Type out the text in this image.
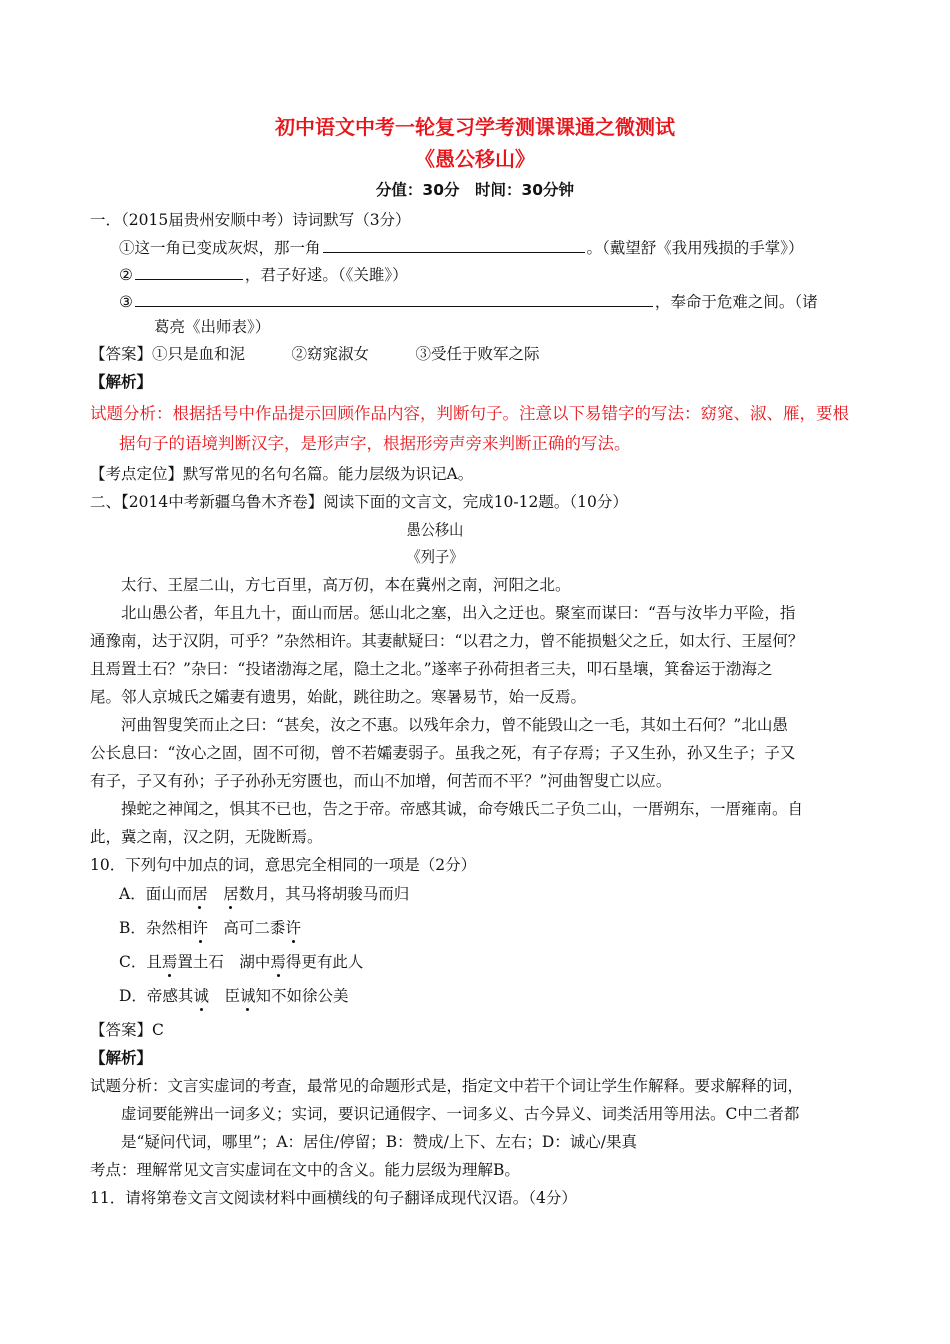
初中语文中考一轮复习学考测课课通之微测试
《愚公移山》
分值：30分　时间：30分钟
一．（2015届贵州安顺中考）诗词默写（3分）
①这一角已变成灰烬，那一角	。（戴望舒《我用残损的手掌》）
②	，君子好逑。（《关雎》）
③	，奉命于危难之间。（诸
葛亮《出师表》）
【答案】①只是血和泥　　　②窈窕淑女　　　③受任于败军之际
【解析】
试题分析：根据括号中作品提示回顾作品内容，判断句子。注意以下易错字的写法：窈窕、淑、雁，要根
据句子的语境判断汉字，是形声字，根据形旁声旁来判断正确的写法。
【考点定位】默写常见的名句名篇。能力层级为识记A。
二、【2014中考新疆乌鲁木齐卷】阅读下面的文言文，完成10-12题。（10分）
愚公移山
《列子》
　　太行、王屋二山，方七百里，高万仞，本在冀州之南，河阳之北。
　　北山愚公者，年且九十，面山而居。惩山北之塞，出入之迂也。聚室而谋曰：“吾与汝毕力平险，指
通豫南，达于汉阴，可乎？”杂然相许。其妻献疑曰：“以君之力，曾不能损魁父之丘，如太行、王屋何？
且焉置土石？”杂曰：“投诸渤海之尾，隐土之北。”遂率子孙荷担者三夫，叩石垦壤，箕畚运于渤海之
尾。邻人京城氏之孀妻有遗男，始龀，跳往助之。寒暑易节，始一反焉。
　　河曲智叟笑而止之曰：“甚矣，汝之不惠。以残年余力，曾不能毁山之一毛，其如土石何？”北山愚
公长息曰：“汝心之固，固不可彻，曾不若孀妻弱子。虽我之死，有子存焉；子又生孙，孙又生子；子又
有子，子又有孙；子子孙孙无穷匮也，而山不加增，何苦而不平？”河曲智叟亡以应。
　　操蛇之神闻之，惧其不已也，告之于帝。帝感其诚，命夸娥氏二子负二山，一厝朔东，一厝雍南。自
此，冀之南，汉之阴，无陇断焉。
10．下列句中加点的词，意思完全相同的一项是（2分）
A．面山而居　 居数月，其马将胡骏马而归
B．杂然相许　高可二黍许
C．且焉置土石　湖中焉得更有此人
D．帝感其诚　臣诚知不如徐公美
【答案】C
【解析】
试题分析：文言实虚词的考查，最常见的命题形式是，指定文中若干个词让学生作解释。要求解释的词，
　　虚词要能辨出一词多义；实词，要识记通假字、一词多义、古今异义、词类活用等用法。C中二者都
　　是“疑问代词，哪里”；A：居住/停留；B：赞成/上下、左右；D：诚心/果真
考点：理解常见文言实虚词在文中的含义。能力层级为理解B。
11．请将第卷文言文阅读材料中画横线的句子翻译成现代汉语。（4分）
